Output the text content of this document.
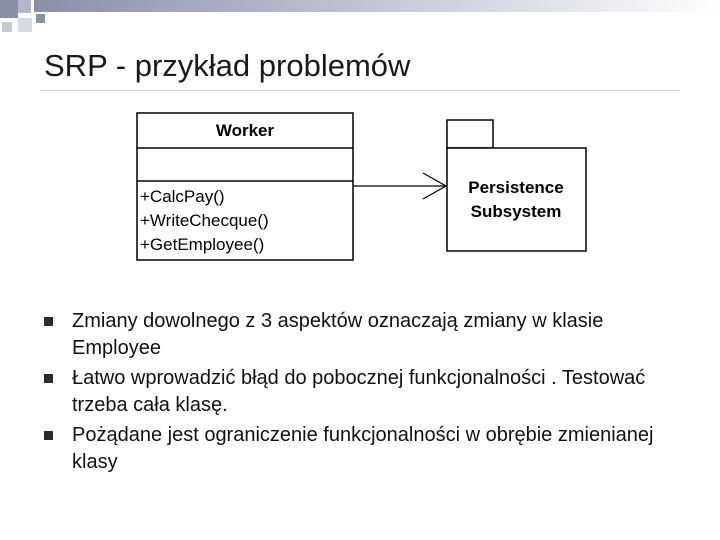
SRP - przykład problemów
Worker
+CalcPay()
+WriteChecque()
+GetEmployee()
Persistence
Subsystem
Zmiany dowolnego z 3 aspektów oznaczają zmiany w klasie Employee
Łatwo wprowadzić błąd do pobocznej funkcjonalności . Testować trzeba cała klasę.
Pożądane jest ograniczenie funkcjonalności w obrębie zmienianej klasy
